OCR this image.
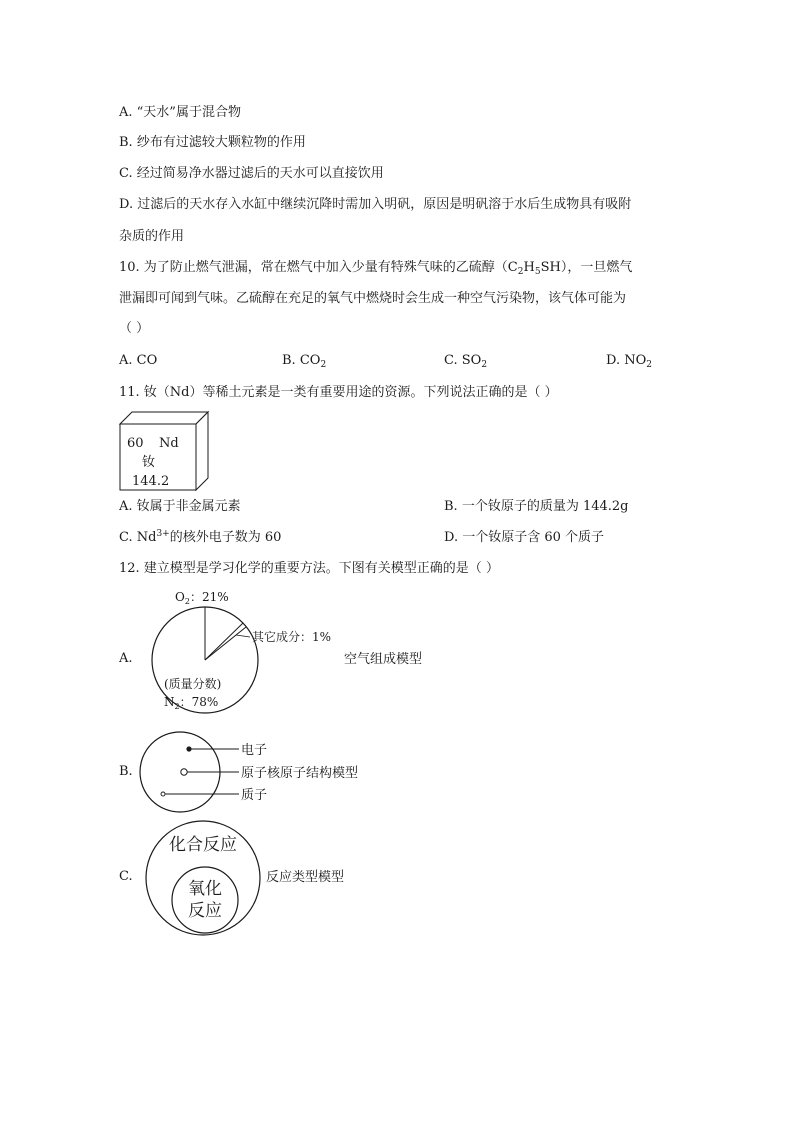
A. “天水”属于混合物
B. 纱布有过滤较大颗粒物的作用
C. 经过简易净水器过滤后的天水可以直接饮用
D. 过滤后的天水存入水缸中继续沉降时需加入明矾，原因是明矾溶于水后生成物具有吸附
杂质的作用
10. 为了防止燃气泄漏，常在燃气中加入少量有特殊气味的乙硫醇$(C_2H_5SH)$，一旦燃气
泄漏即可闻到气味。乙硫醇在充足的氧气中燃烧时会生成一种空气污染物，该气体可能为
（ ）
A. CO	B. $CO_2$	C. $SO_2$	D. $NO_2$
11. 钕（Nd）等稀土元素是一类有重要用途的资源。下列说法正确的是（ ）
60 Nd
钕
144.2
A. 钕属于非金属元素	B. 一个钕原子的质量为 144.2g
C. $Nd^{3+}$的核外电子数为 60	D. 一个钕原子含 60 个质子
12. 建立模型是学习化学的重要方法。下图有关模型正确的是（ ）
A.
$O_2$：21%
其它成分：1%
(质量分数)
$N_2$：78%
空气组成模型
B.
电子
原子核原子结构模型
质子
C.
化合反应
氧化
反应
反应类型模型
